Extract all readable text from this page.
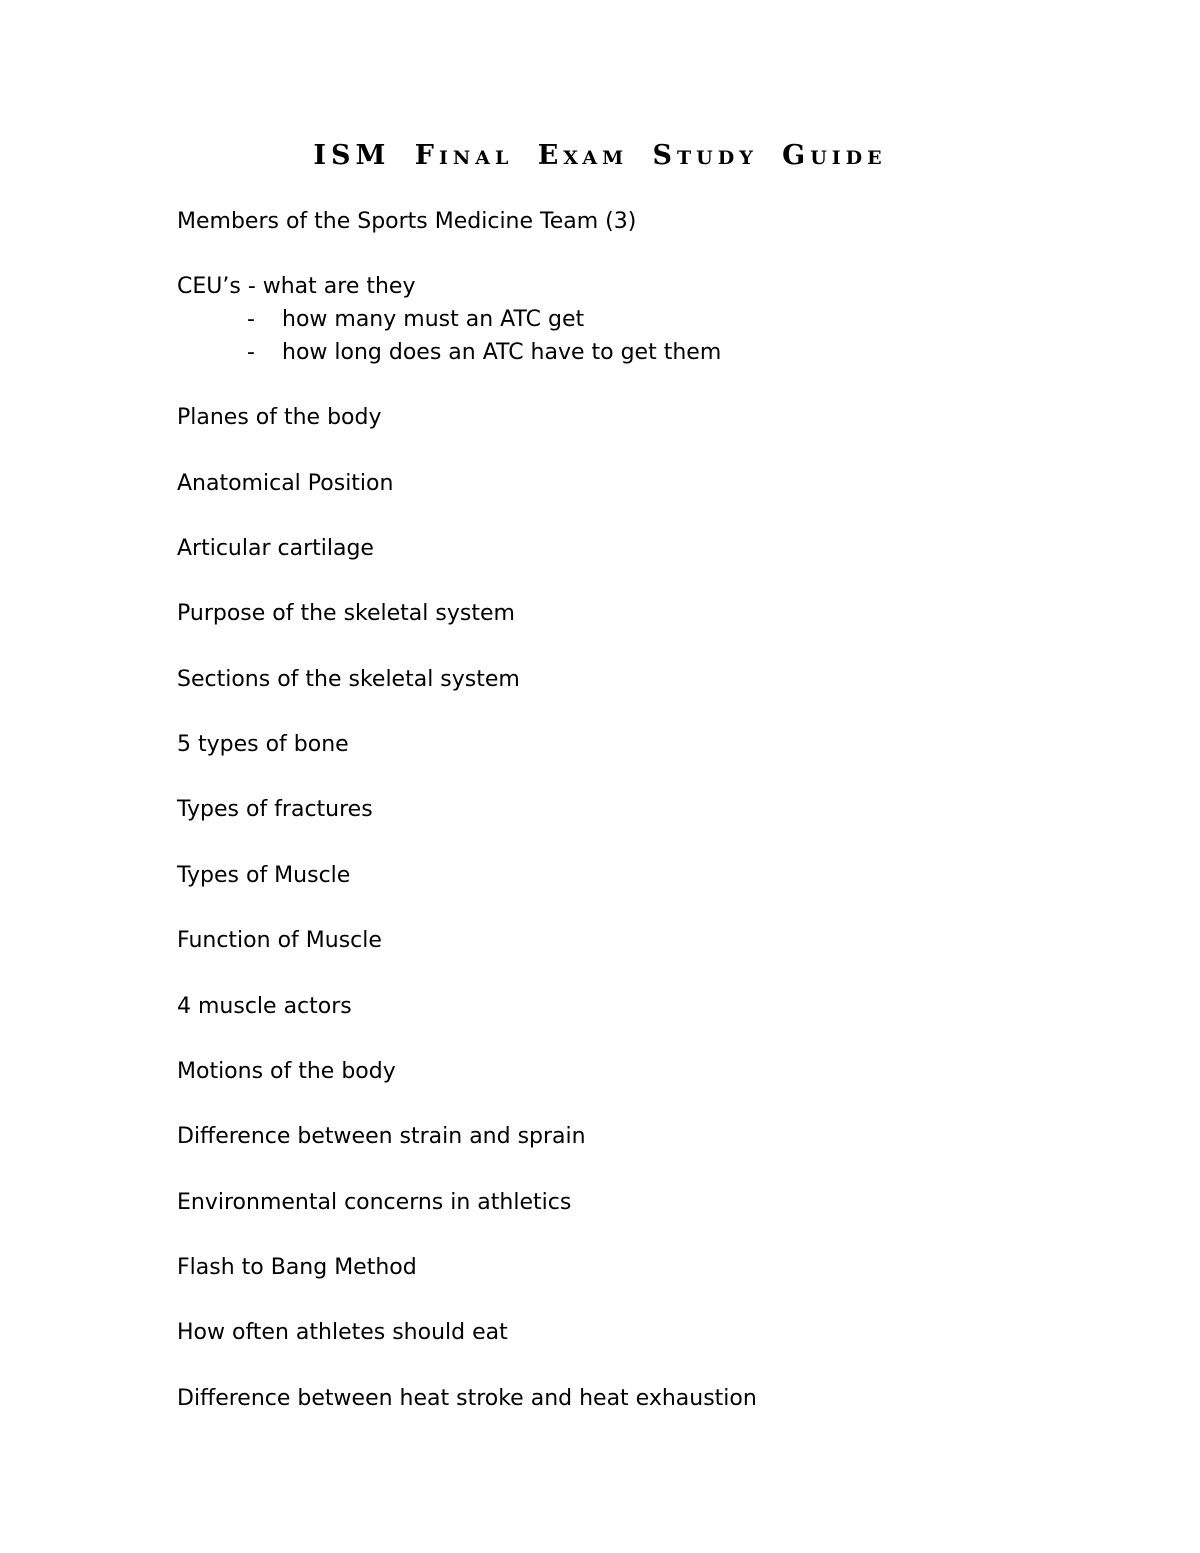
ISM Final Exam Study Guide
Members of the Sports Medicine Team (3)
CEU’s - what are they
- how many must an ATC get
- how long does an ATC have to get them
Planes of the body
Anatomical Position
Articular cartilage
Purpose of the skeletal system
Sections of the skeletal system
5 types of bone
Types of fractures
Types of Muscle
Function of Muscle
4 muscle actors
Motions of the body
Difference between strain and sprain
Environmental concerns in athletics
Flash to Bang Method
How often athletes should eat
Difference between heat stroke and heat exhaustion
